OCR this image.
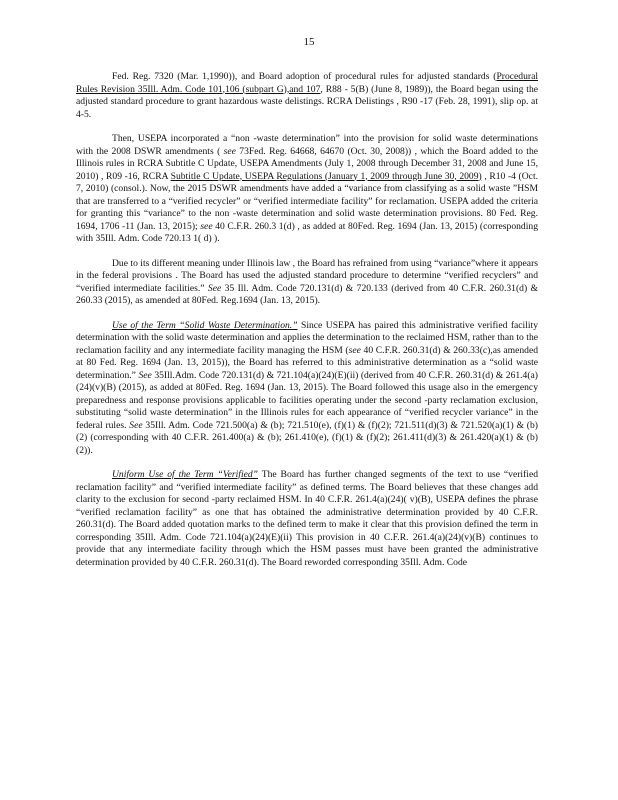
15

Fed. Reg. 7320 (Mar. 1,1990)), and Board adoption of procedural rules for adjusted standards (Procedural Rules Revision 35Ill. Adm. Code 101,106 (subpart G),and 107, R88 - 5(B) (June 8, 1989)), the Board began using the adjusted standard procedure to grant hazardous waste delistings. RCRA Delistings , R90 -17 (Feb. 28, 1991), slip op. at 4-5.

Then, USEPA incorporated a “non -waste determination” into the provision for solid waste determinations with the 2008 DSWR amendments ( see 73Fed. Reg. 64668, 64670 (Oct. 30, 2008)) , which the Board added to the Illinois rules in RCRA Subtitle C Update, USEPA Amendments (July 1, 2008 through December 31, 2008 and June 15, 2010) , R09 -16, RCRA Subtitle C Update, USEPA Regulations (January 1, 2009 through June 30, 2009) , R10 -4 (Oct. 7, 2010) (consol.). Now, the 2015 DSWR amendments have added a “variance from classifying as a solid waste ”HSM that are transferred to a “verified recycler” or “verified intermediate facility” for reclamation. USEPA added the criteria for granting this “variance” to the non -waste determination and solid waste determination provisions. 80 Fed. Reg. 1694, 1706 -11 (Jan. 13, 2015); see 40 C.F.R. 260.3 1(d) , as added at 80Fed. Reg. 1694 (Jan. 13, 2015) (corresponding with 35Ill. Adm. Code 720.13 1( d) ).

Due to its different meaning under Illinois law , the Board has refrained from using “variance”where it appears in the federal provisions . The Board has used the adjusted standard procedure to determine “verified recyclers” and “verified intermediate facilities.” See 35 Ill. Adm. Code 720.131(d) & 720.133 (derived from 40 C.F.R. 260.31(d) & 260.33 (2015), as amended at 80Fed. Reg.1694 (Jan. 13, 2015).

Use of the Term “Solid Waste Determination.” Since USEPA has paired this administrative verified facility determination with the solid waste determination and applies the determination to the reclaimed HSM, rather than to the reclamation facility and any intermediate facility managing the HSM (see 40 C.F.R. 260.31(d) & 260.33(c),as amended at 80 Fed. Reg. 1694 (Jan. 13, 2015)), the Board has referred to this administrative determination as a “solid waste determination.” See 35Ill.Adm. Code 720.131(d) & 721.104(a)(24)(E)(ii) (derived from 40 C.F.R. 260.31(d) & 261.4(a)(24)(v)(B) (2015), as added at 80Fed. Reg. 1694 (Jan. 13, 2015). The Board followed this usage also in the emergency preparedness and response provisions applicable to facilities operating under the second -party reclamation exclusion, substituting “solid waste determination” in the Illinois rules for each appearance of “verified recycler variance” in the federal rules. See 35Ill. Adm. Code 721.500(a) & (b); 721.510(e), (f)(1) & (f)(2); 721.511(d)(3) & 721.520(a)(1) & (b)(2) (corresponding with 40 C.F.R. 261.400(a) & (b); 261.410(e), (f)(1) & (f)(2); 261.411(d)(3) & 261.420(a)(1) & (b)(2)).

Uniform Use of the Term “Verified” The Board has further changed segments of the text to use “verified reclamation facility” and “verified intermediate facility” as defined terms. The Board believes that these changes add clarity to the exclusion for second -party reclaimed HSM. In 40 C.F.R. 261.4(a)(24)( v)(B), USEPA defines the phrase “verified reclamation facility” as one that has obtained the administrative determination provided by 40 C.F.R. 260.31(d). The Board added quotation marks to the defined term to make it clear that this provision defined the term in corresponding 35Ill. Adm. Code 721.104(a)(24)(E)(ii) This provision in 40 C.F.R. 261.4(a)(24)(v)(B) continues to provide that any intermediate facility through which the HSM passes must have been granted the administrative determination provided by 40 C.F.R. 260.31(d). The Board reworded corresponding 35Ill. Adm. Code
